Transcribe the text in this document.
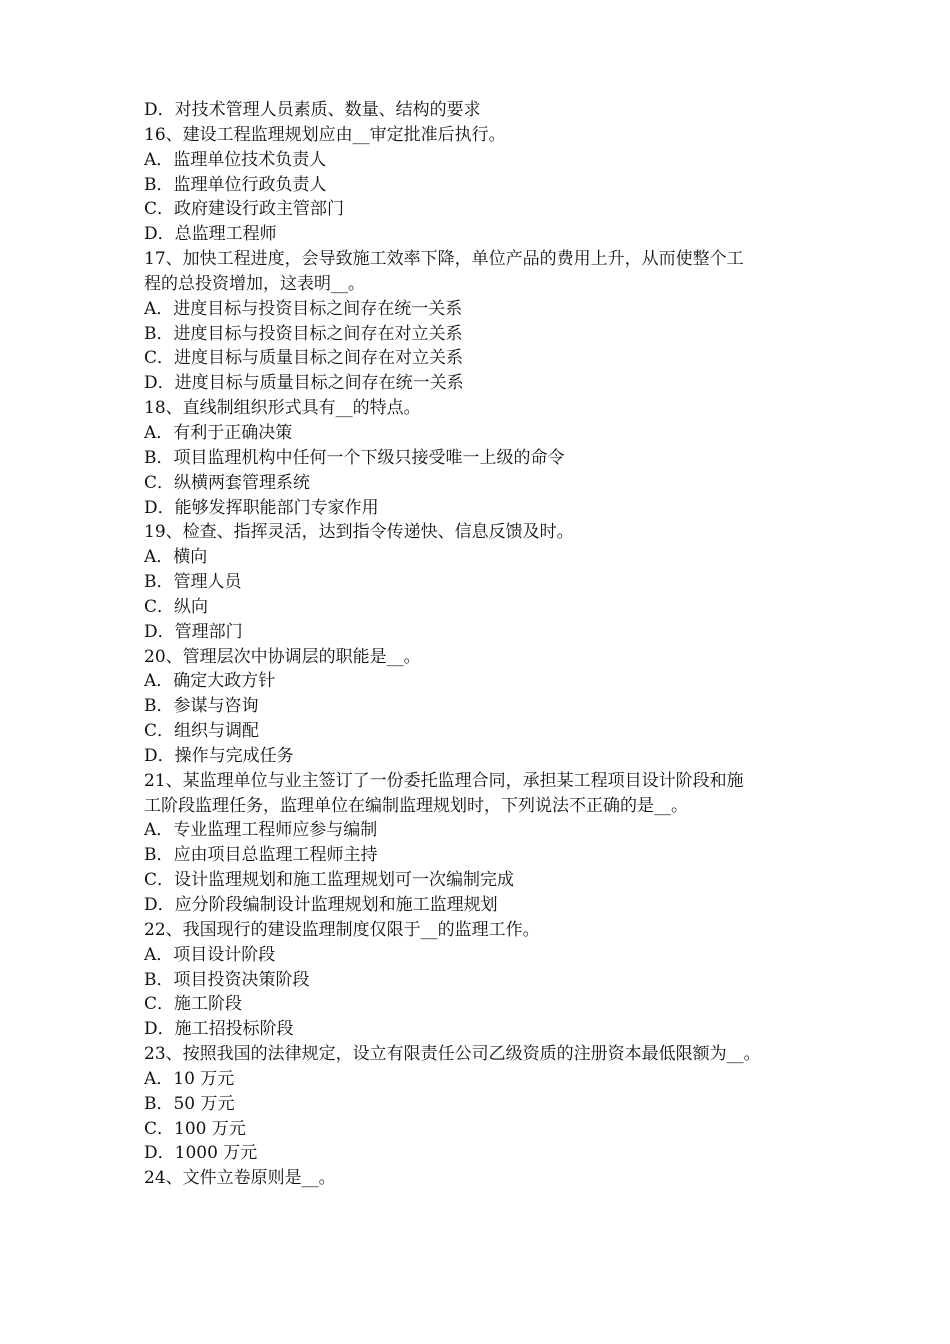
D．对技术管理人员素质、数量、结构的要求
16、建设工程监理规划应由__审定批准后执行。
A．监理单位技术负责人
B．监理单位行政负责人
C．政府建设行政主管部门
D．总监理工程师
17、加快工程进度，会导致施工效率下降，单位产品的费用上升，从而使整个工
程的总投资增加，这表明__。
A．进度目标与投资目标之间存在统一关系
B．进度目标与投资目标之间存在对立关系
C．进度目标与质量目标之间存在对立关系
D．进度目标与质量目标之间存在统一关系
18、直线制组织形式具有__的特点。
A．有利于正确决策
B．项目监理机构中任何一个下级只接受唯一上级的命令
C．纵横两套管理系统
D．能够发挥职能部门专家作用
19、检查、指挥灵活，达到指令传递快、信息反馈及时。
A．横向
B．管理人员
C．纵向
D．管理部门
20、管理层次中协调层的职能是__。
A．确定大政方针
B．参谋与咨询
C．组织与调配
D．操作与完成任务
21、某监理单位与业主签订了一份委托监理合同，承担某工程项目设计阶段和施
工阶段监理任务，监理单位在编制监理规划时，下列说法不正确的是__。
A．专业监理工程师应参与编制
B．应由项目总监理工程师主持
C．设计监理规划和施工监理规划可一次编制完成
D．应分阶段编制设计监理规划和施工监理规划
22、我国现行的建设监理制度仅限于__的监理工作。
A．项目设计阶段
B．项目投资决策阶段
C．施工阶段
D．施工招投标阶段
23、按照我国的法律规定，设立有限责任公司乙级资质的注册资本最低限额为__。
A．10 万元
B．50 万元
C．100 万元
D．1000 万元
24、文件立卷原则是__。
